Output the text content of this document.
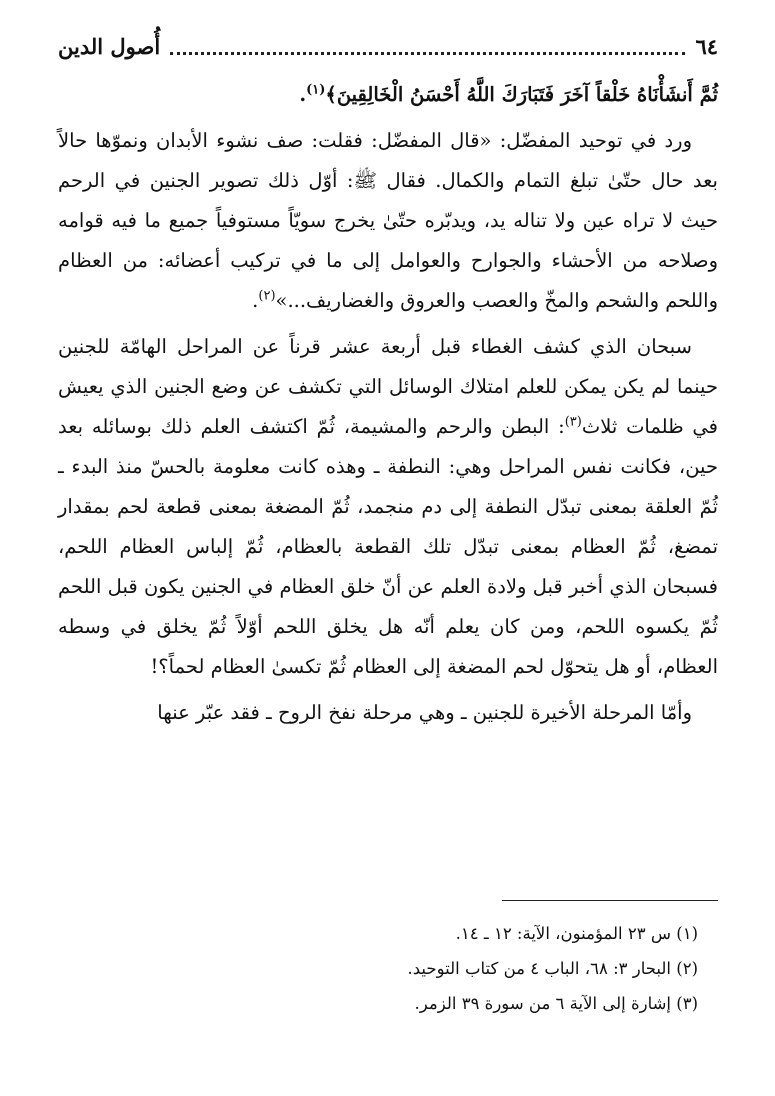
٦٤
أُصول الدين

ثُمَّ أَنشَأْنَاهُ خَلْقاً آخَرَ فَتَبَارَكَ اللَّهُ أَحْسَنُ الْخَالِقِينَ﴾$^{(١)}$.

ورد في توحيد المفضّل: «قال المفضّل: فقلت: صف نشوء الأبدان ونموّها حالاً بعد حال حتّىٰ تبلغ التمام والكمال. فقال ﷺ: أوّل ذلك تصوير الجنين في الرحم حيث لا تراه عين ولا تناله يد، ويدبّره حتّىٰ يخرج سويّاً مستوفياً جميع ما فيه قوامه وصلاحه من الأحشاء والجوارح والعوامل إلى ما في تركيب أعضائه: من العظام واللحم والشحم والمخّ والعصب والعروق والغضاريف...»$^{(٢)}$.

سبحان الذي كشف الغطاء قبل أربعة عشر قرناً عن المراحل الهامّة للجنين حينما لم يكن يمكن للعلم امتلاك الوسائل التي تكشف عن وضع الجنين الذي يعيش في ظلمات ثلاث$^{(٣)}$: البطن والرحم والمشيمة، ثُمّ اكتشف العلم ذلك بوسائله بعد حين، فكانت نفس المراحل وهي: النطفة ـ وهذه كانت معلومة بالحسّ منذ البدء ـ ثُمّ العلقة بمعنى تبدّل النطفة إلى دم منجمد، ثُمّ المضغة بمعنى قطعة لحم بمقدار تمضغ، ثُمّ العظام بمعنى تبدّل تلك القطعة بالعظام، ثُمّ إلباس العظام اللحم، فسبحان الذي أخبر قبل ولادة العلم عن أنّ خلق العظام في الجنين يكون قبل اللحم ثُمّ يكسوه اللحم، ومن كان يعلم أنّه هل يخلق اللحم أوّلاً ثُمّ يخلق في وسطه العظام، أو هل يتحوّل لحم المضغة إلى العظام ثُمّ تكسىٰ العظام لحماً؟!

وأمّا المرحلة الأخيرة للجنين ـ وهي مرحلة نفخ الروح ـ فقد عبّر عنها

(١) س ٢٣ المؤمنون، الآية: ١٢ ـ ١٤.
(٢) البحار ٣: ٦٨، الباب ٤ من كتاب التوحيد.
(٣) إشارة إلى الآية ٦ من سورة ٣٩ الزمر.
